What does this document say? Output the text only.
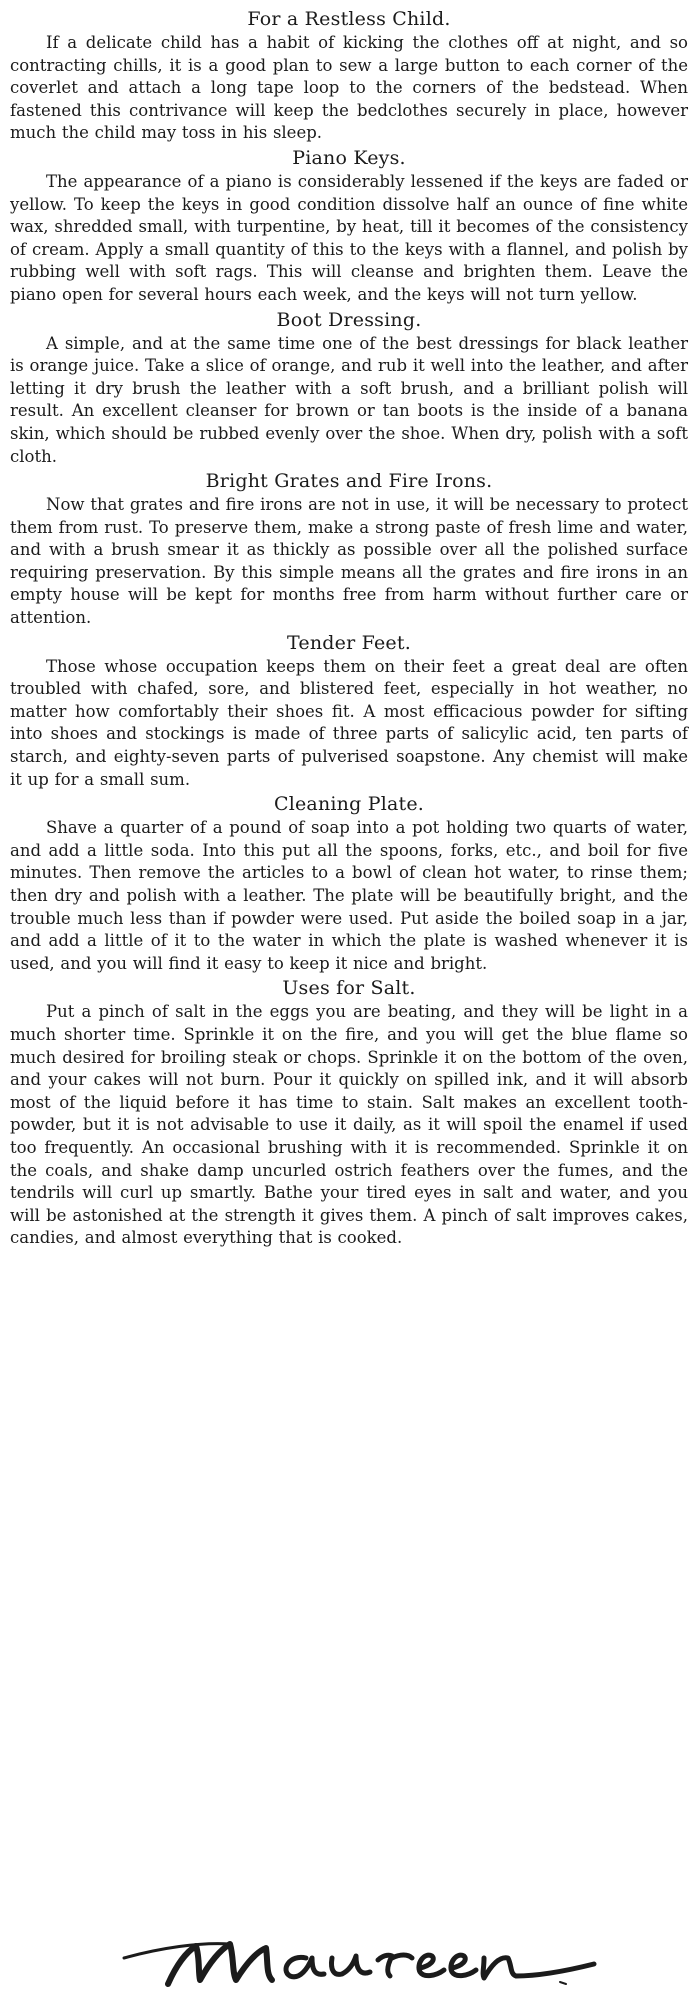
For a Restless Child.

If a delicate child has a habit of kicking the clothes off at night, and so contracting chills, it is a good plan to sew a large button to each corner of the coverlet and attach a long tape loop to the corners of the bedstead. When fastened this contrivance will keep the bedclothes securely in place, however much the child may toss in his sleep.

Piano Keys.

The appearance of a piano is considerably lessened if the keys are faded or yellow. To keep the keys in good condition dissolve half an ounce of fine white wax, shredded small, with turpentine, by heat, till it becomes of the consistency of cream. Apply a small quantity of this to the keys with a flannel, and polish by rubbing well with soft rags. This will cleanse and brighten them. Leave the piano open for several hours each week, and the keys will not turn yellow.

Boot Dressing.

A simple, and at the same time one of the best dressings for black leather is orange juice. Take a slice of orange, and rub it well into the leather, and after letting it dry brush the leather with a soft brush, and a brilliant polish will result. An excellent cleanser for brown or tan boots is the inside of a banana skin, which should be rubbed evenly over the shoe. When dry, polish with a soft cloth.

Bright Grates and Fire Irons.

Now that grates and fire irons are not in use, it will be necessary to protect them from rust. To preserve them, make a strong paste of fresh lime and water, and with a brush smear it as thickly as possible over all the polished surface requiring preservation. By this simple means all the grates and fire irons in an empty house will be kept for months free from harm without further care or attention.

Tender Feet.

Those whose occupation keeps them on their feet a great deal are often troubled with chafed, sore, and blistered feet, especially in hot weather, no matter how comfortably their shoes fit. A most efficacious powder for sifting into shoes and stockings is made of three parts of salicylic acid, ten parts of starch, and eighty-seven parts of pulverised soapstone. Any chemist will make it up for a small sum.

Cleaning Plate.

Shave a quarter of a pound of soap into a pot holding two quarts of water, and add a little soda. Into this put all the spoons, forks, etc., and boil for five minutes. Then remove the articles to a bowl of clean hot water, to rinse them; then dry and polish with a leather. The plate will be beautifully bright, and the trouble much less than if powder were used. Put aside the boiled soap in a jar, and add a little of it to the water in which the plate is washed whenever it is used, and you will find it easy to keep it nice and bright.

Uses for Salt.

Put a pinch of salt in the eggs you are beating, and they will be light in a much shorter time. Sprinkle it on the fire, and you will get the blue flame so much desired for broiling steak or chops. Sprinkle it on the bottom of the oven, and your cakes will not burn. Pour it quickly on spilled ink, and it will absorb most of the liquid before it has time to stain. Salt makes an excellent toothpowder, but it is not advisable to use it daily, as it will spoil the enamel if used too frequently. An occasional brushing with it is recommended. Sprinkle it on the coals, and shake damp uncurled ostrich feathers over the fumes, and the tendrils will curl up smartly. Bathe your tired eyes in salt and water, and you will be astonished at the strength it gives them. A pinch of salt improves cakes, candies, and almost everything that is cooked.
